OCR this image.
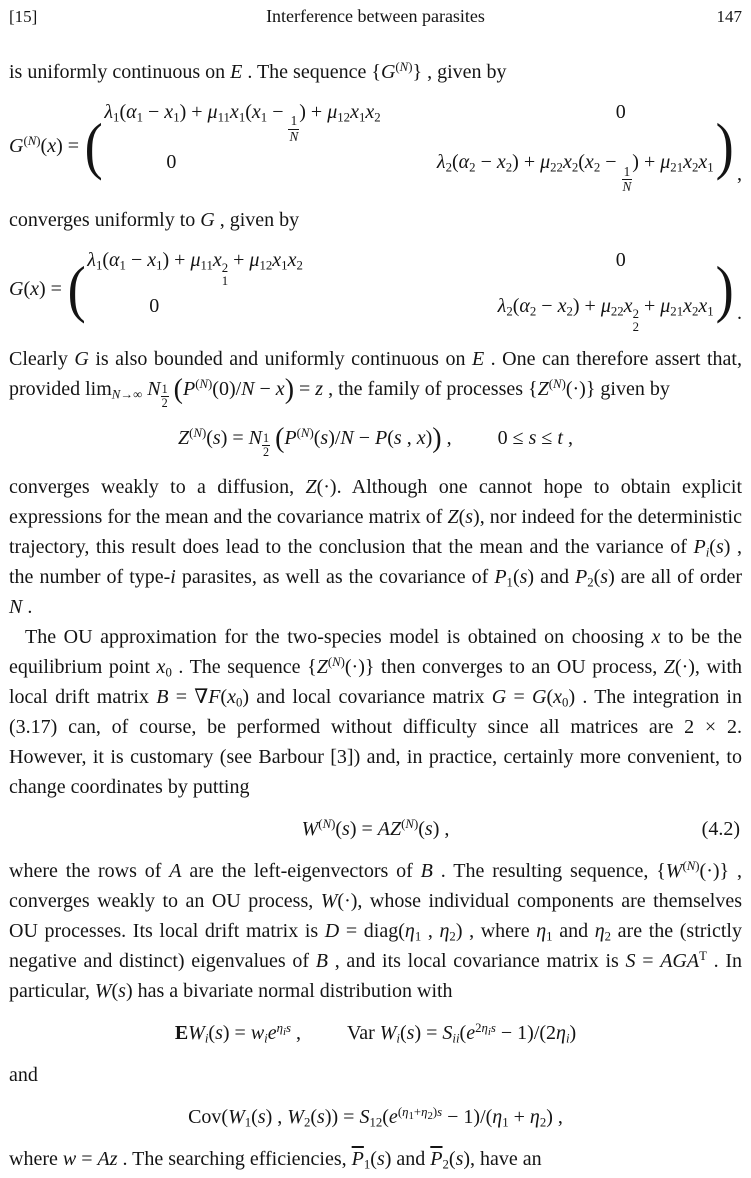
[15]	Interference between parasites	147

is uniformly continuous on E . The sequence $\{G^{(N)}\}$ , given by

$G^{(N)}(x)$ = ( $\lambda_1(\alpha_1 - x_1) + \mu_{11}x_1(x_1$ −
$\frac{1}{N}$
) + $\mu_{12}x_1x_2$	0
0	$\lambda_2(\alpha_2 - x_2) + \mu_{22}x_2(x_2$ −
$\frac{1}{N}$
) + $\mu_{21}x_2x_1$ ) ,

converges uniformly to G , given by

G(x) = ( $\lambda_1(\alpha_1 - x_1) + \mu_{11}x$ 2
1
+ $\mu_{12}x_1x_2$	0
0	$\lambda_2(\alpha_2 - x_2) + \mu_{22}x$ 2
2
+ $\mu_{21}x_2x_1$ ) .

Clearly G is also bounded and uniformly continuous on E . One can therefore assert that, provided $\lim_{N\to\infty} N$ $^{\frac{1}{2}}$ $(P^{(N)}(0)/N - x) = z$ , the family of processes $\{Z^{(N)}(\cdot)\}$ given by

$Z^{(N)}(s) = N$ $^{\frac{1}{2}}$ ($P^{(N)}(s)/N - P(s$ , x)) , 0 ≤ s ≤ t ,

converges weakly to a diffusion, Z(·). Although one cannot hope to obtain explicit expressions for the mean and the covariance matrix of Z(s), nor indeed for the deterministic trajectory, this result does lead to the conclusion that the mean and the variance of $P_i(s)$ , the number of type-i parasites, as well as the covariance of $P_1(s)$ and $P_2(s)$ are all of order N .

The OU approximation for the two-species model is obtained on choosing x to be the equilibrium point $x_0$ . The sequence $\{Z^{(N)}(\cdot)\}$ then converges to an OU process, Z(·), with local drift matrix $B = \nabla F(x_0)$ and local covariance matrix $G = G(x_0)$ . The integration in (3.17) can, of course, be performed without difficulty since all matrices are 2 × 2. However, it is customary (see Barbour [3]) and, in practice, certainly more convenient, to change coordinates by putting

$W^{(N)}(s) = AZ^{(N)}(s)$ ,	(4.2)

where the rows of A are the left-eigenvectors of B . The resulting sequence, $\{W^{(N)}(\cdot)\}$ , converges weakly to an OU process, W(·), whose individual components are themselves OU processes. Its local drift matrix is $D = diag(\eta_1$ , $\eta_2$) , where $\eta_1$ and $\eta_2$ are the (strictly negative and distinct) eigenvalues of B , and its local covariance matrix is $S = AGA^T$ . In particular, W(s) has a bivariate normal distribution with

$EW_i(s) = w_ie^{\eta_is}$ , Var $W_i(s) = S_{ii}(e^{2\eta_is} - 1)/(2\eta_i)$

and

$Cov(W_1(s)$ , $W_2(s)) = S_{12}(e^{(\eta_1+\eta_2)s} - 1)/(\eta_1 + \eta_2)$ ,

where w = Az . The searching efficiencies, $\overline{P}_1(s)$ and $\overline{P}_2(s)$, have an
